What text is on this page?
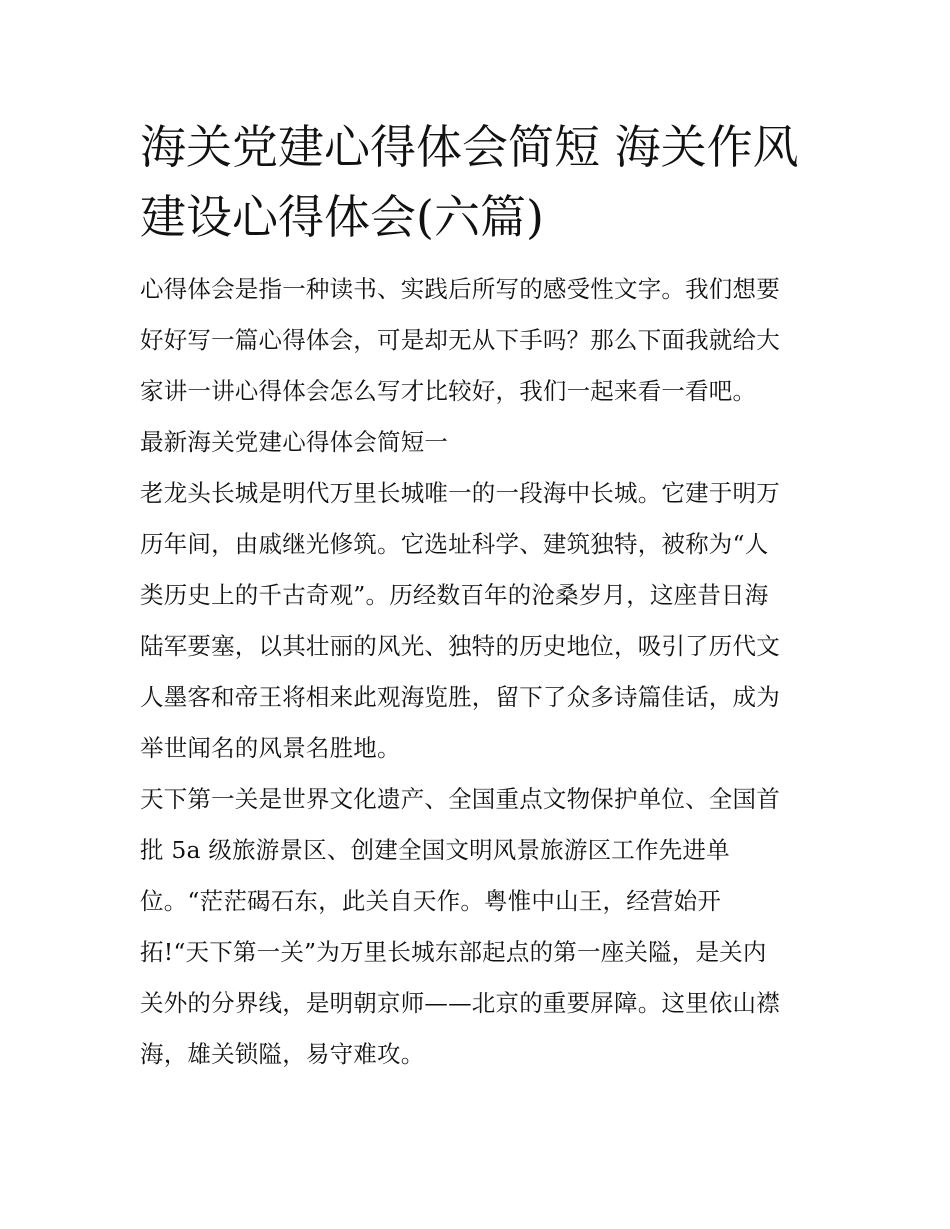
海关党建心得体会简短 海关作风建设心得体会(六篇)
心得体会是指一种读书、实践后所写的感受性文字。我们想要
好好写一篇心得体会，可是却无从下手吗？那么下面我就给大
家讲一讲心得体会怎么写才比较好，我们一起来看一看吧。
最新海关党建心得体会简短一
老龙头长城是明代万里长城唯一的一段海中长城。它建于明万
历年间，由戚继光修筑。它选址科学、建筑独特，被称为“人
类历史上的千古奇观”。历经数百年的沧桑岁月，这座昔日海
陆军要塞，以其壮丽的风光、独特的历史地位，吸引了历代文
人墨客和帝王将相来此观海览胜，留下了众多诗篇佳话，成为
举世闻名的风景名胜地。
天下第一关是世界文化遗产、全国重点文物保护单位、全国首
批 5a 级旅游景区、创建全国文明风景旅游区工作先进单
位。“茫茫碣石东，此关自天作。粤惟中山王，经营始开
拓!“天下第一关”为万里长城东部起点的第一座关隘，是关内
关外的分界线，是明朝京师——北京的重要屏障。这里依山襟
海，雄关锁隘，易守难攻。
